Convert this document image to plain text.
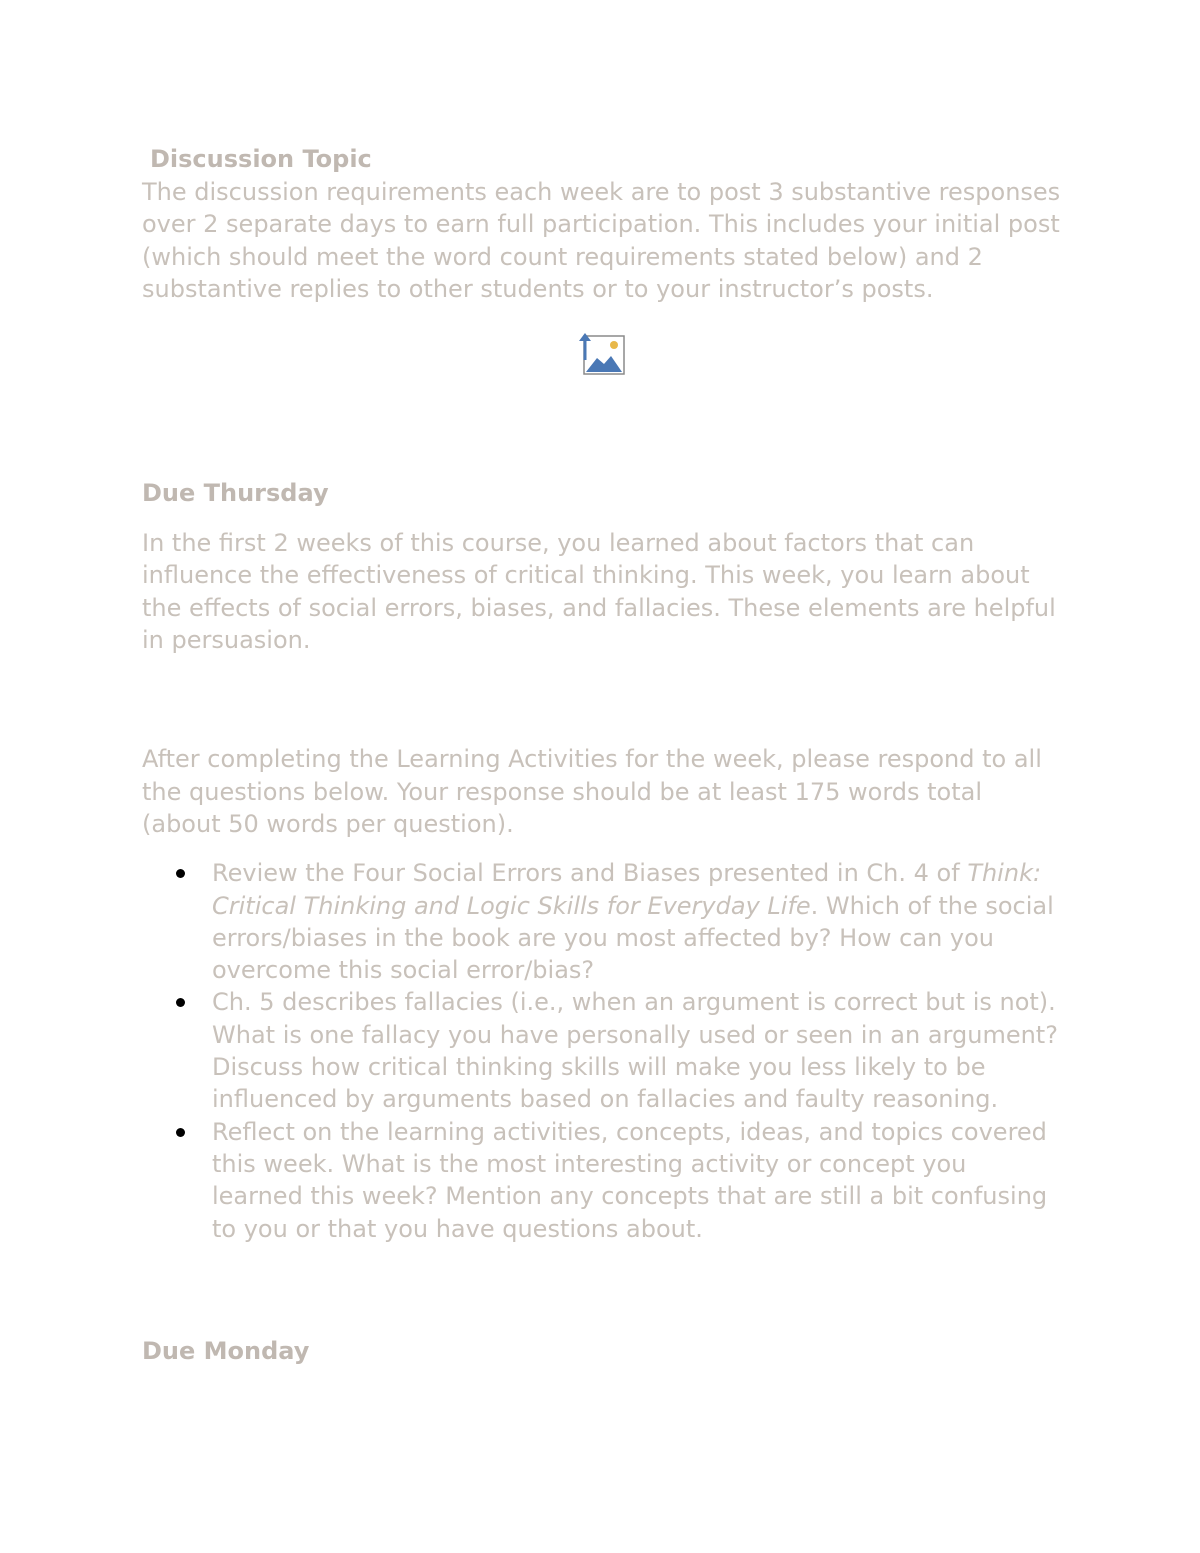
Discussion Topic

The discussion requirements each week are to post 3 substantive responses over 2 separate days to earn full participation. This includes your initial post (which should meet the word count requirements stated below) and 2 substantive replies to other students or to your instructor’s posts.

Due Thursday

In the first 2 weeks of this course, you learned about factors that can influence the effectiveness of critical thinking. This week, you learn about the effects of social errors, biases, and fallacies. These elements are helpful in persuasion.

After completing the Learning Activities for the week, please respond to all the questions below. Your response should be at least 175 words total (about 50 words per question).

Review the Four Social Errors and Biases presented in Ch. 4 of Think: Critical Thinking and Logic Skills for Everyday Life. Which of the social errors/biases in the book are you most affected by? How can you overcome this social error/bias?
Ch. 5 describes fallacies (i.e., when an argument is correct but is not). What is one fallacy you have personally used or seen in an argument? Discuss how critical thinking skills will make you less likely to be influenced by arguments based on fallacies and faulty reasoning.
Reflect on the learning activities, concepts, ideas, and topics covered this week. What is the most interesting activity or concept you learned this week? Mention any concepts that are still a bit confusing to you or that you have questions about.

Due Monday
